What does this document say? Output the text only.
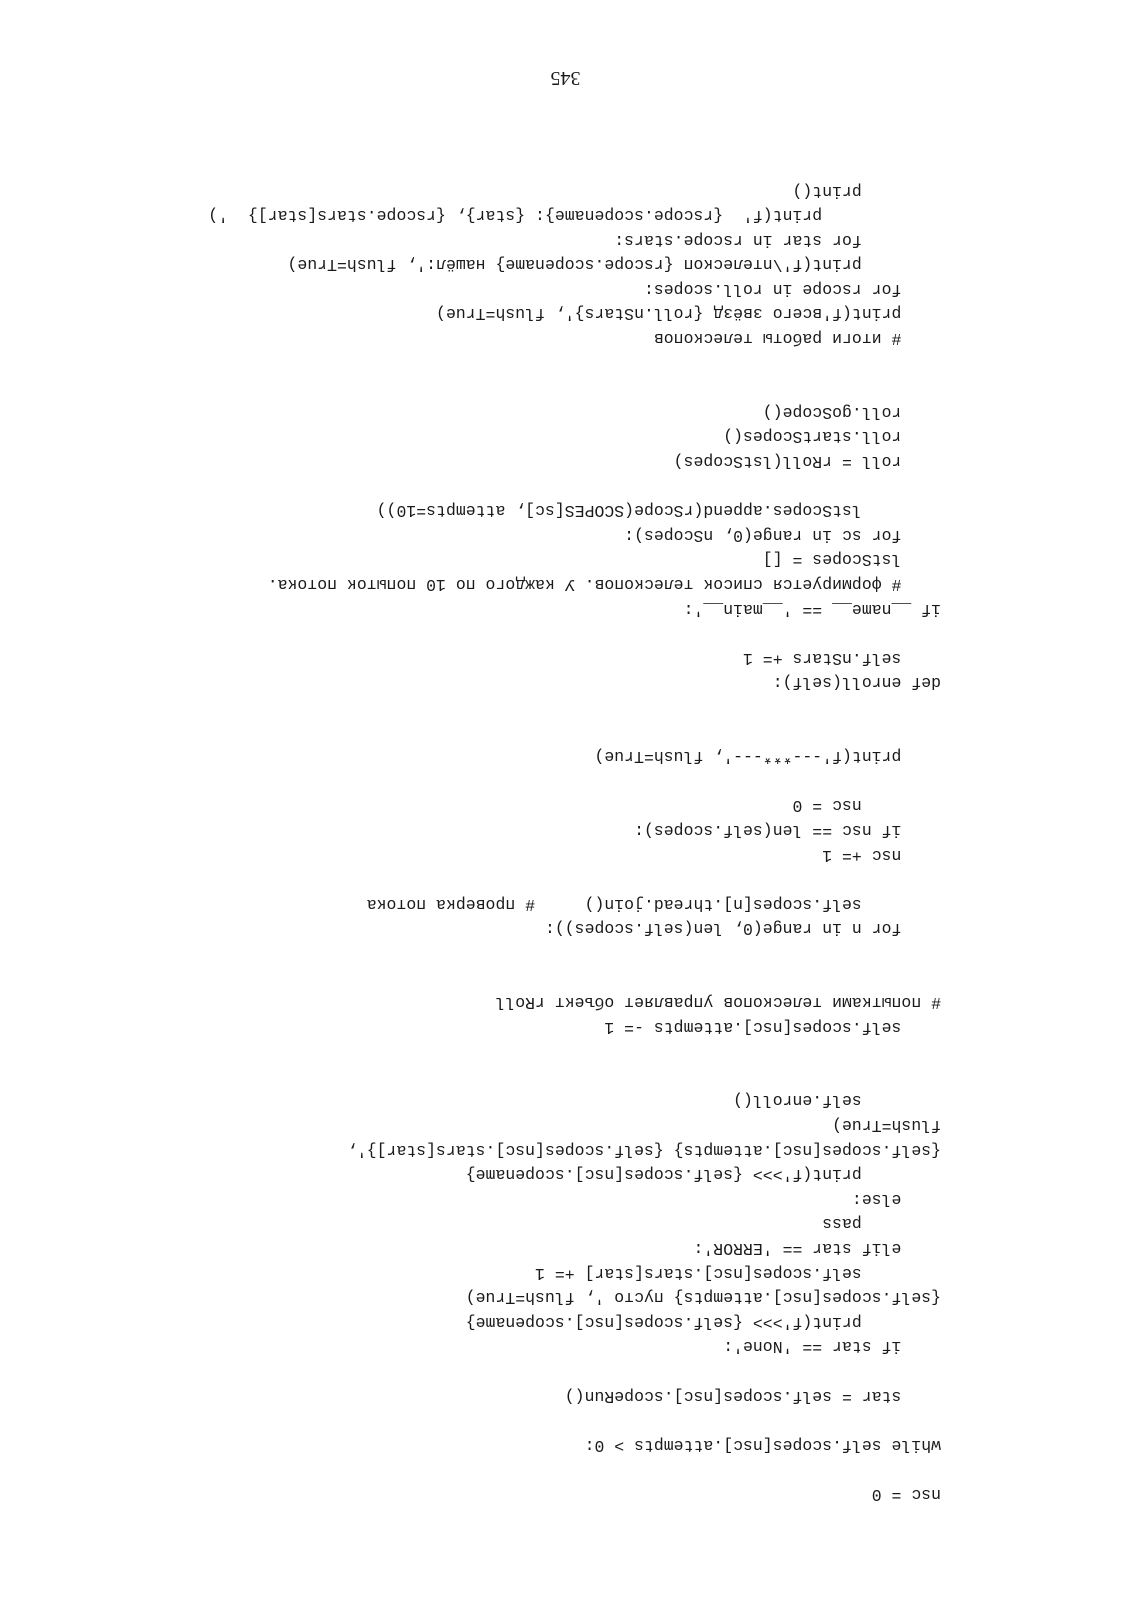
345
nsc = 0
while self.scopes[nsc].attempts > 0:
star = self.scopes[nsc].scopeRun()
if star == 'None':
print(f'>>> {self.scopes[nsc].scopename}
{self.scopes[nsc].attempts} пусто ', flush=True)
self.scopes[nsc].stars[star] += 1
elif star == 'ERROR':
pass
else:
print(f'>>> {self.scopes[nsc].scopename}
{self.scopes[nsc].attempts} {self.scopes[nsc].stars[star]}',
flush=True)
self.enroll()
self.scopes[nsc].attempts -= 1
# попытками телескопов управляет объект rRoll
for n in range(0, len(self.scopes)):
self.scopes[n].thread.join()     # проверка потока
nsc += 1
if nsc == len(self.scopes):
nsc = 0
print(f'---***---', flush=True)
def enroll(self):
self.nStars += 1
if __name__ == '__main__':
# формируется список телескопов. У каждого по 10 попыток потока.
lstScopes = []
for sc in range(0, nScopes):
lstScopes.append(rScope(SCOPES[sc], attempts=10))
roll = rRoll(lstScopes)
roll.startScopes()
roll.goScope()
# итоги работы телескопов
print(f'всего звёзд {roll.nStars}', flush=True)
for rscope in roll.scopes:
print(f'\nтелескоп {rscope.scopename} нашёл:', flush=True)
for star in rscope.stars:
print(f'  {rscope.scopename}: {star}, {rscope.stars[star]}  ')
print()
